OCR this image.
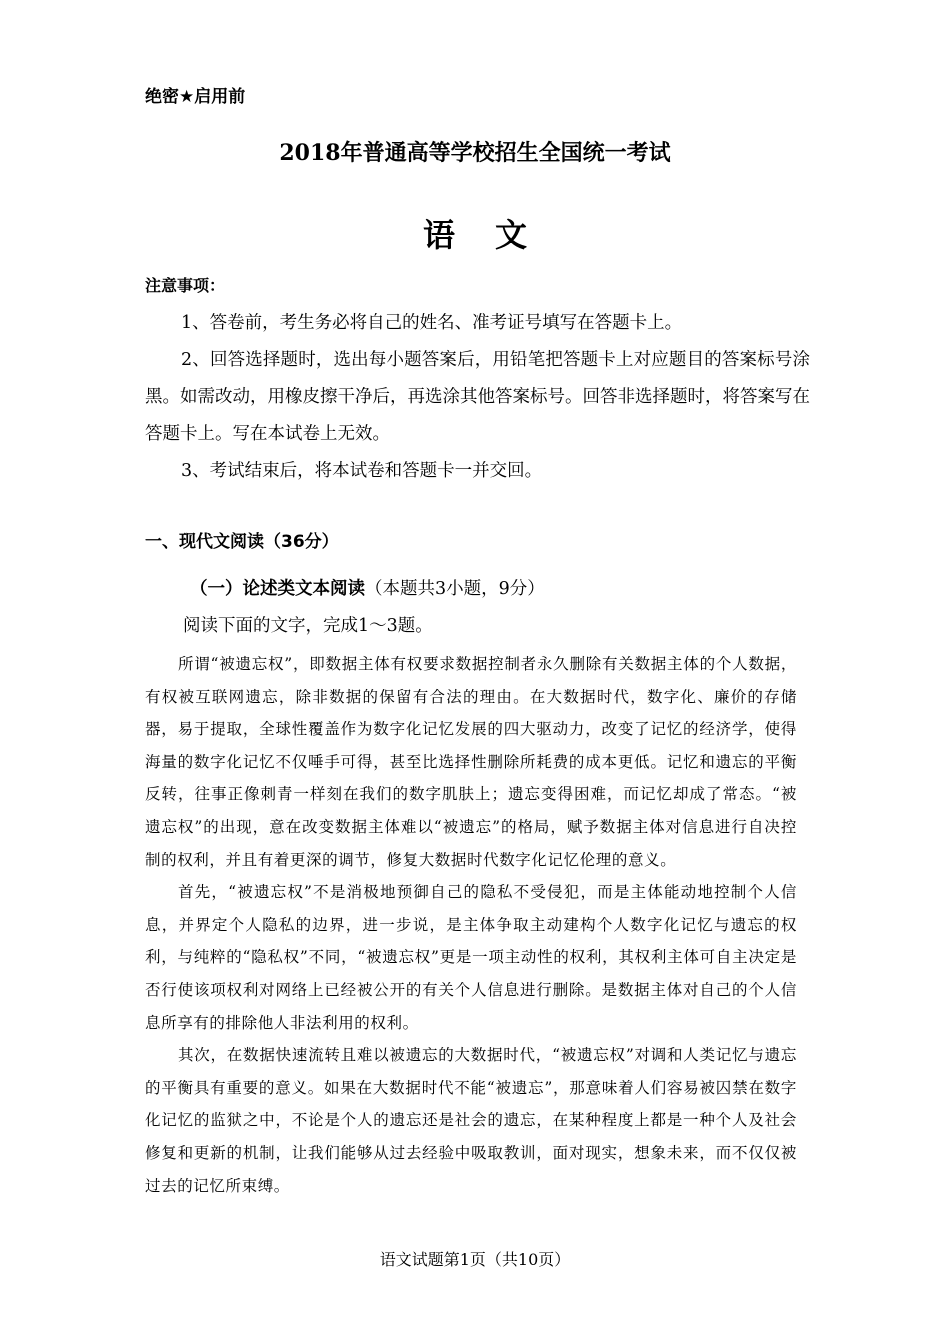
绝密★启用前
2018年普通高等学校招生全国统一考试
语文
注意事项：

1、答卷前，考生务必将自己的姓名、准考证号填写在答题卡上。

2、回答选择题时，选出每小题答案后，用铅笔把答题卡上对应题目的答案标号涂黑。如需改动，用橡皮擦干净后，再选涂其他答案标号。回答非选择题时，将答案写在答题卡上。写在本试卷上无效。

3、考试结束后，将本试卷和答题卡一并交回。

一、现代文阅读（36分）
（一）论述类文本阅读（本题共3小题，9分）
阅读下面的文字，完成1～3题。

所谓“被遗忘权”，即数据主体有权要求数据控制者永久删除有关数据主体的个人数据，有权被互联网遗忘，除非数据的保留有合法的理由。在大数据时代，数字化、廉价的存储器，易于提取，全球性覆盖作为数字化记忆发展的四大驱动力，改变了记忆的经济学，使得海量的数字化记忆不仅唾手可得，甚至比选择性删除所耗费的成本更低。记忆和遗忘的平衡反转，往事正像刺青一样刻在我们的数字肌肤上；遗忘变得困难，而记忆却成了常态。“被遗忘权”的出现，意在改变数据主体难以“被遗忘”的格局，赋予数据主体对信息进行自决控制的权利，并且有着更深的调节，修复大数据时代数字化记忆伦理的意义。

首先，“被遗忘权”不是消极地预御自己的隐私不受侵犯，而是主体能动地控制个人信息，并界定个人隐私的边界，进一步说，是主体争取主动建构个人数字化记忆与遗忘的权利，与纯粹的“隐私权”不同，“被遗忘权”更是一项主动性的权利，其权利主体可自主决定是否行使该项权利对网络上已经被公开的有关个人信息进行删除。是数据主体对自己的个人信息所享有的排除他人非法利用的权利。

其次，在数据快速流转且难以被遗忘的大数据时代，“被遗忘权”对调和人类记忆与遗忘的平衡具有重要的意义。如果在大数据时代不能“被遗忘”，那意味着人们容易被囚禁在数字化记忆的监狱之中，不论是个人的遗忘还是社会的遗忘，在某种程度上都是一种个人及社会修复和更新的机制，让我们能够从过去经验中吸取教训，面对现实，想象未来，而不仅仅被过去的记忆所束缚。

语文试题第1页（共10页）
